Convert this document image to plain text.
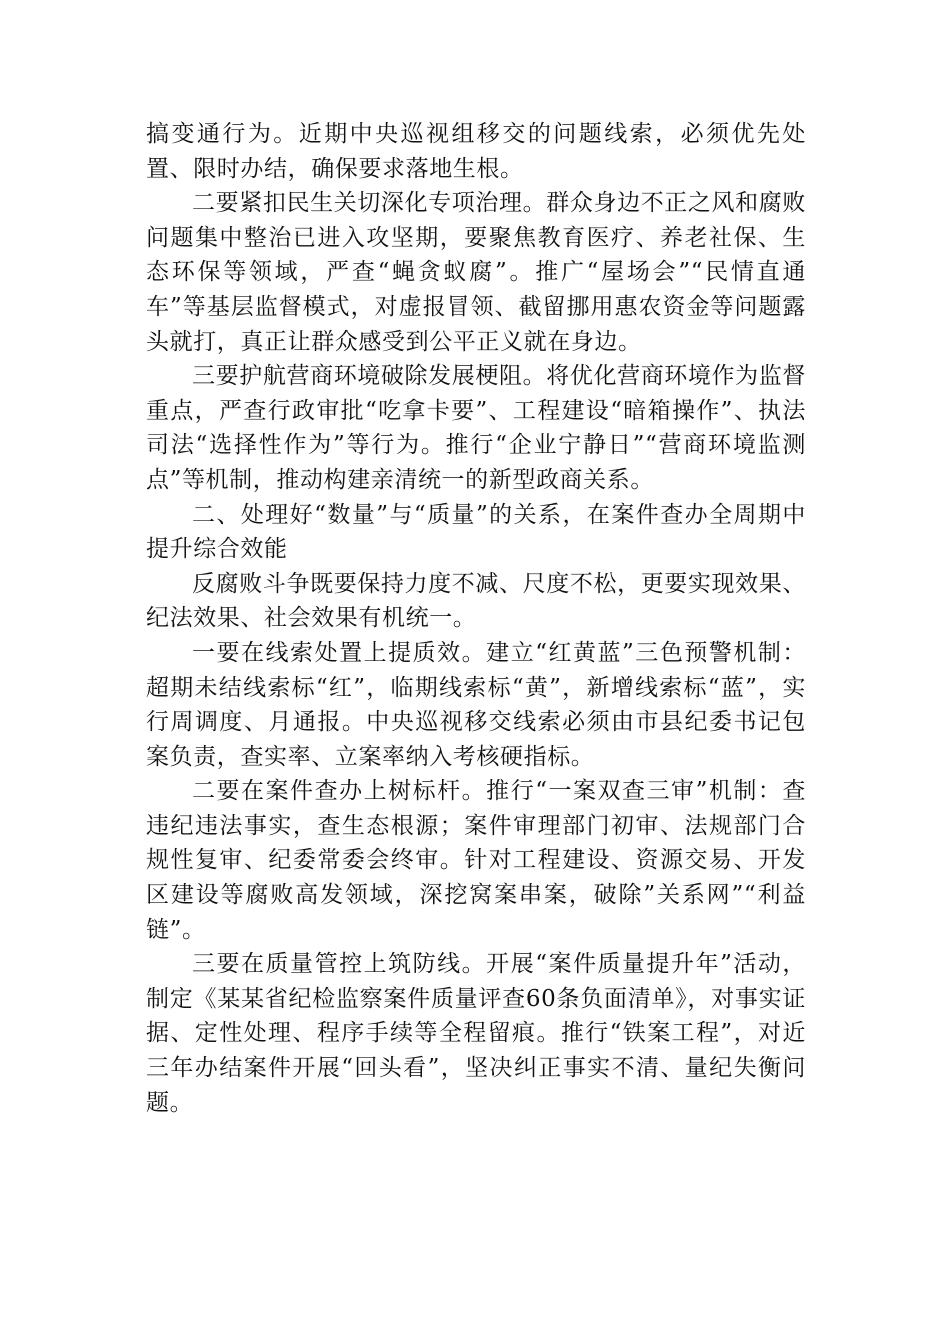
搞变通行为。近期中央巡视组移交的问题线索，必须优先处置、限时办结，确保要求落地生根。

二要紧扣民生关切深化专项治理。群众身边不正之风和腐败问题集中整治已进入攻坚期，要聚焦教育医疗、养老社保、生态环保等领域，严查“蝇贪蚁腐”。推广“屋场会”“民情直通车”等基层监督模式，对虚报冒领、截留挪用惠农资金等问题露头就打，真正让群众感受到公平正义就在身边。

三要护航营商环境破除发展梗阻。将优化营商环境作为监督重点，严查行政审批“吃拿卡要”、工程建设“暗箱操作”、执法司法“选择性作为”等行为。推行“企业宁静日”“营商环境监测点”等机制，推动构建亲清统一的新型政商关系。

二、处理好“数量”与“质量”的关系，在案件查办全周期中提升综合效能

反腐败斗争既要保持力度不减、尺度不松，更要实现效果、纪法效果、社会效果有机统一。

一要在线索处置上提质效。建立“红黄蓝”三色预警机制：超期未结线索标“红”，临期线索标“黄”，新增线索标“蓝”，实行周调度、月通报。中央巡视移交线索必须由市县纪委书记包案负责，查实率、立案率纳入考核硬指标。

二要在案件查办上树标杆。推行“一案双查三审”机制：查违纪违法事实，查生态根源；案件审理部门初审、法规部门合规性复审、纪委常委会终审。针对工程建设、资源交易、开发区建设等腐败高发领域，深挖窝案串案，破除”关系网”“利益链”。

三要在质量管控上筑防线。开展“案件质量提升年”活动，制定《某某省纪检监察案件质量评查60条负面清单》，对事实证据、定性处理、程序手续等全程留痕。推行“铁案工程”，对近三年办结案件开展“回头看”，坚决纠正事实不清、量纪失衡问题。
